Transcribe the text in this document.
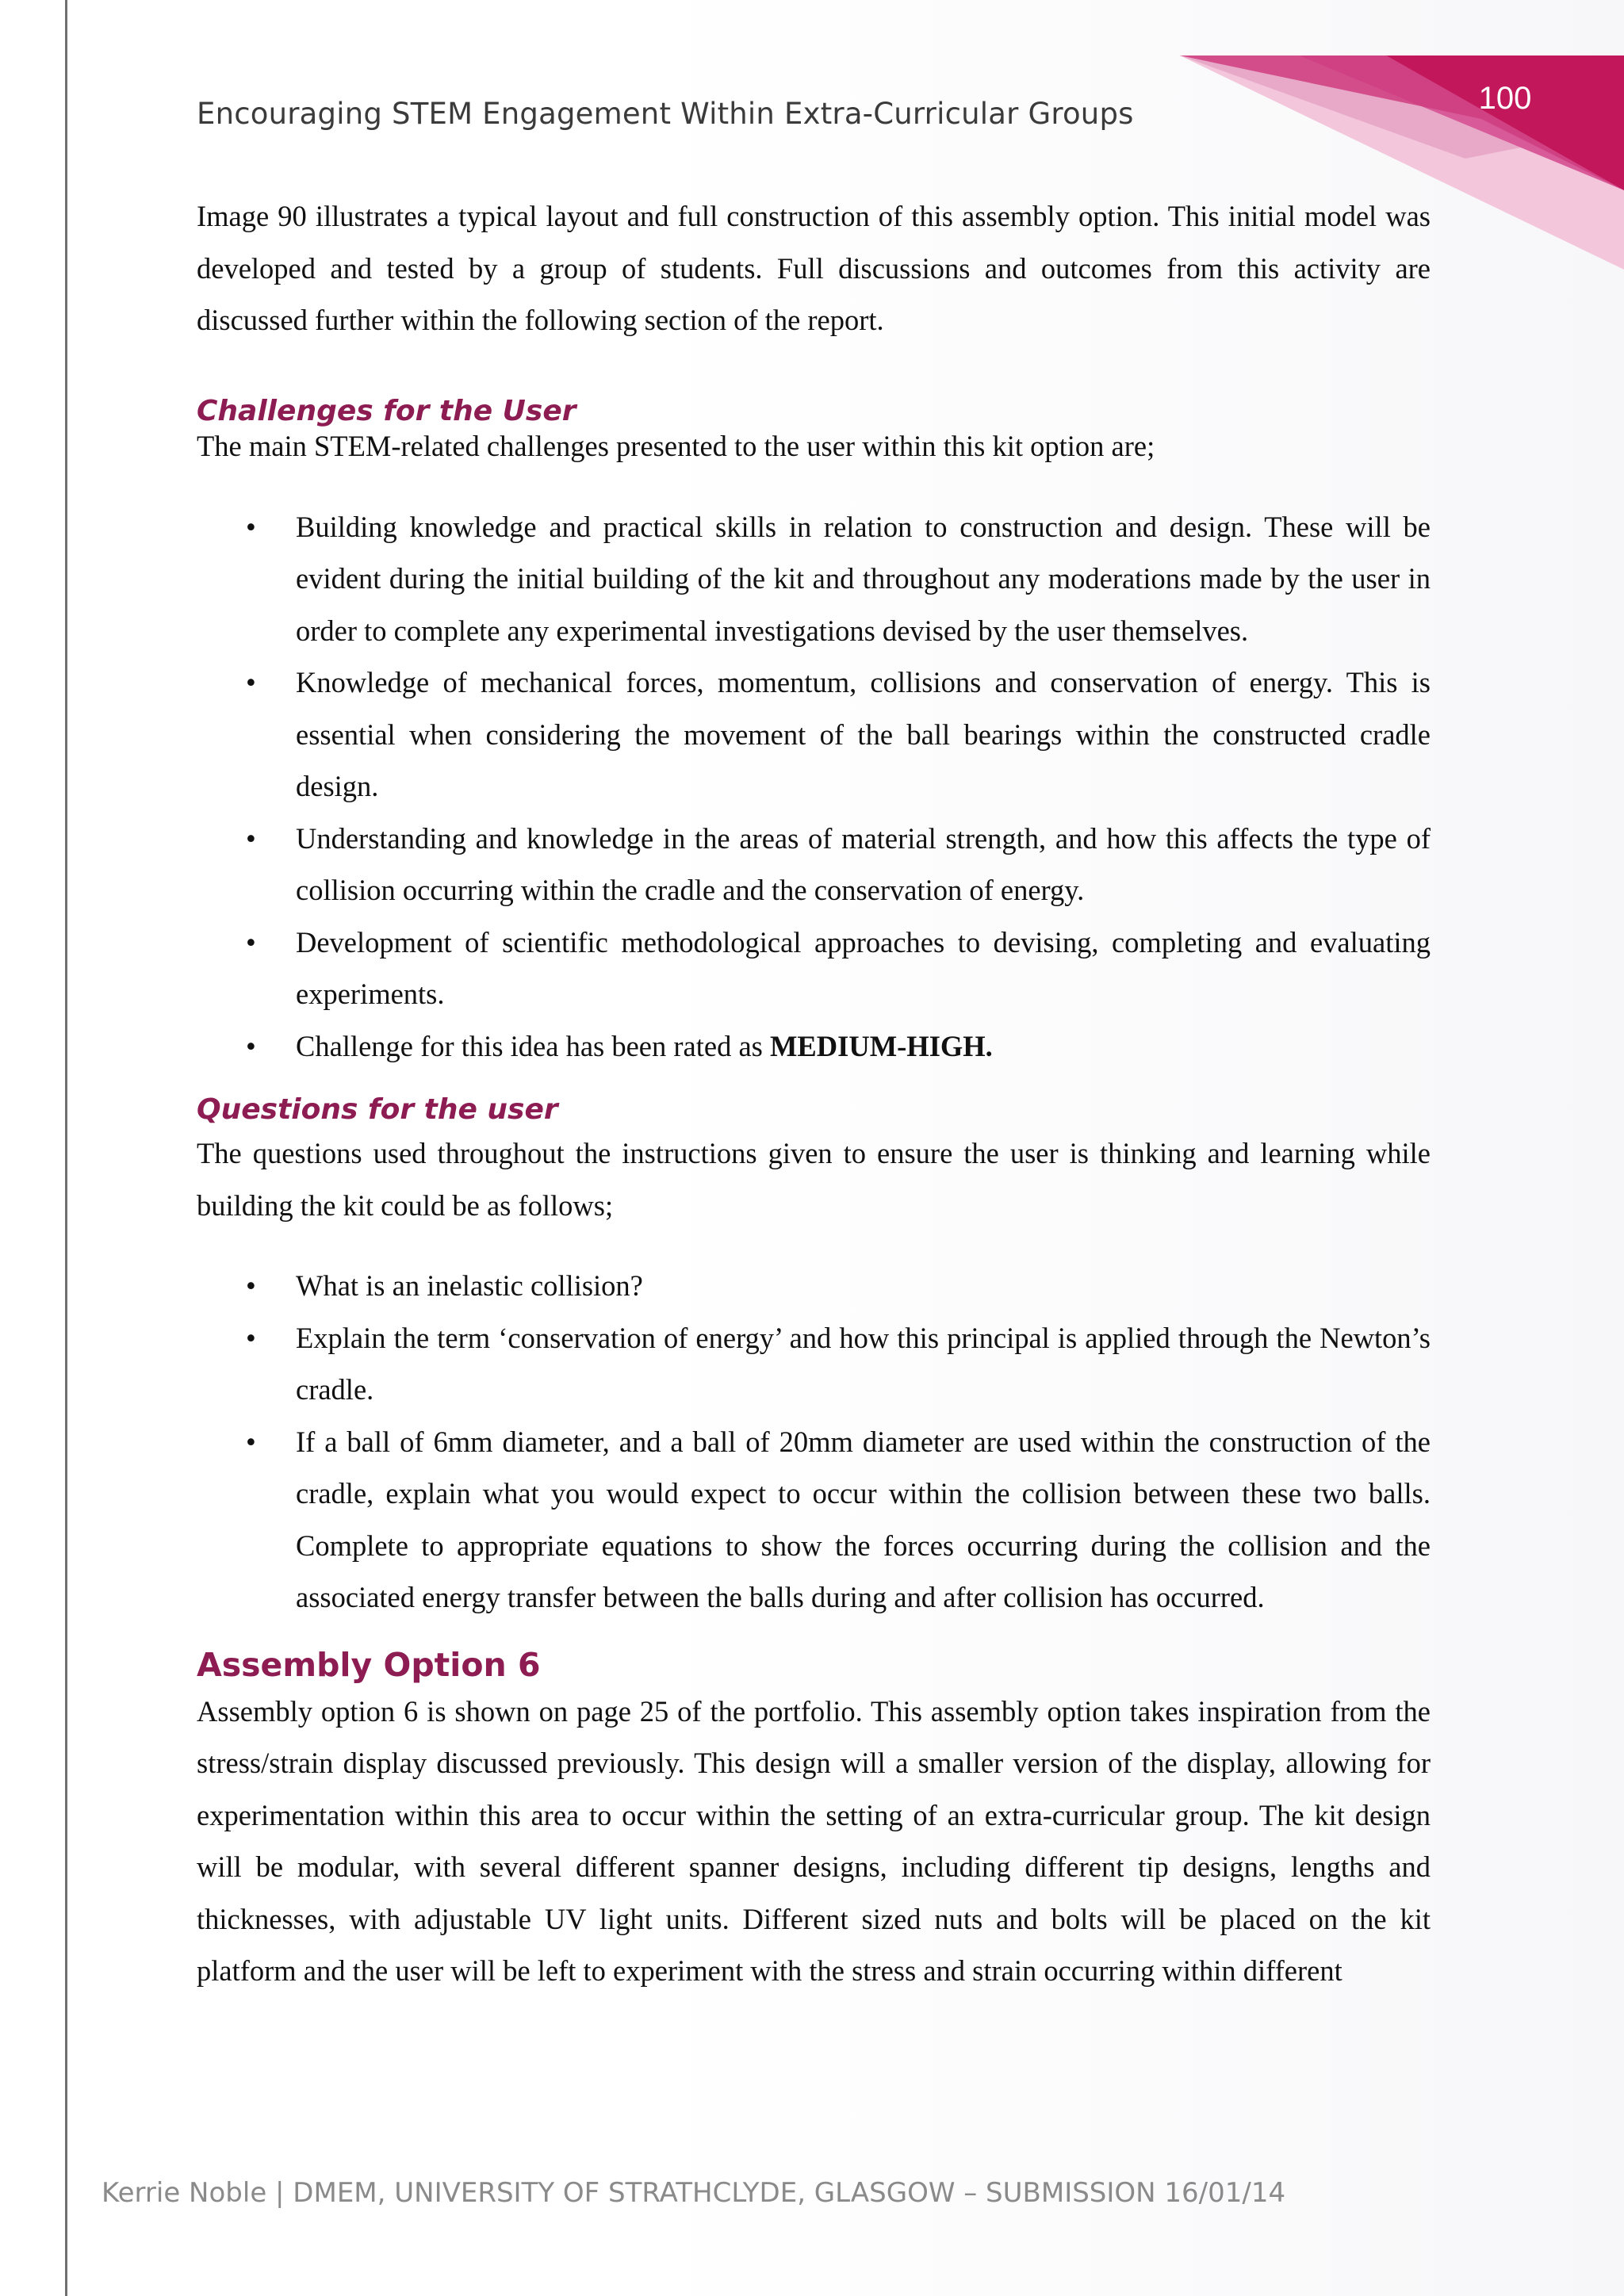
100
Encouraging STEM Engagement Within Extra-Curricular Groups

Image 90 illustrates a typical layout and full construction of this assembly option. This initial model was developed and tested by a group of students. Full discussions and outcomes from this activity are discussed further within the following section of the report.

Challenges for the User

The main STEM-related challenges presented to the user within this kit option are;

• Building knowledge and practical skills in relation to construction and design. These will be evident during the initial building of the kit and throughout any moderations made by the user in order to complete any experimental investigations devised by the user themselves.
• Knowledge of mechanical forces, momentum, collisions and conservation of energy. This is essential when considering the movement of the ball bearings within the constructed cradle design.
• Understanding and knowledge in the areas of material strength, and how this affects the type of collision occurring within the cradle and the conservation of energy.
• Development of scientific methodological approaches to devising, completing and evaluating experiments.
• Challenge for this idea has been rated as MEDIUM-HIGH.
Questions for the user

The questions used throughout the instructions given to ensure the user is thinking and learning while building the kit could be as follows;

• What is an inelastic collision?
• Explain the term ‘conservation of energy’ and how this principal is applied through the Newton’s cradle.
• If a ball of 6mm diameter, and a ball of 20mm diameter are used within the construction of the cradle, explain what you would expect to occur within the collision between these two balls. Complete to appropriate equations to show the forces occurring during the collision and the associated energy transfer between the balls during and after collision has occurred.
Assembly Option 6

Assembly option 6 is shown on page 25 of the portfolio. This assembly option takes inspiration from the stress/strain display discussed previously. This design will a smaller version of the display, allowing for experimentation within this area to occur within the setting of an extra-curricular group. The kit design will be modular, with several different spanner designs, including different tip designs, lengths and thicknesses, with adjustable UV light units. Different sized nuts and bolts will be placed on the kit platform and the user will be left to experiment with the stress and strain occurring within different

Kerrie Noble | DMEM, UNIVERSITY OF STRATHCLYDE, GLASGOW – SUBMISSION 16/01/14
